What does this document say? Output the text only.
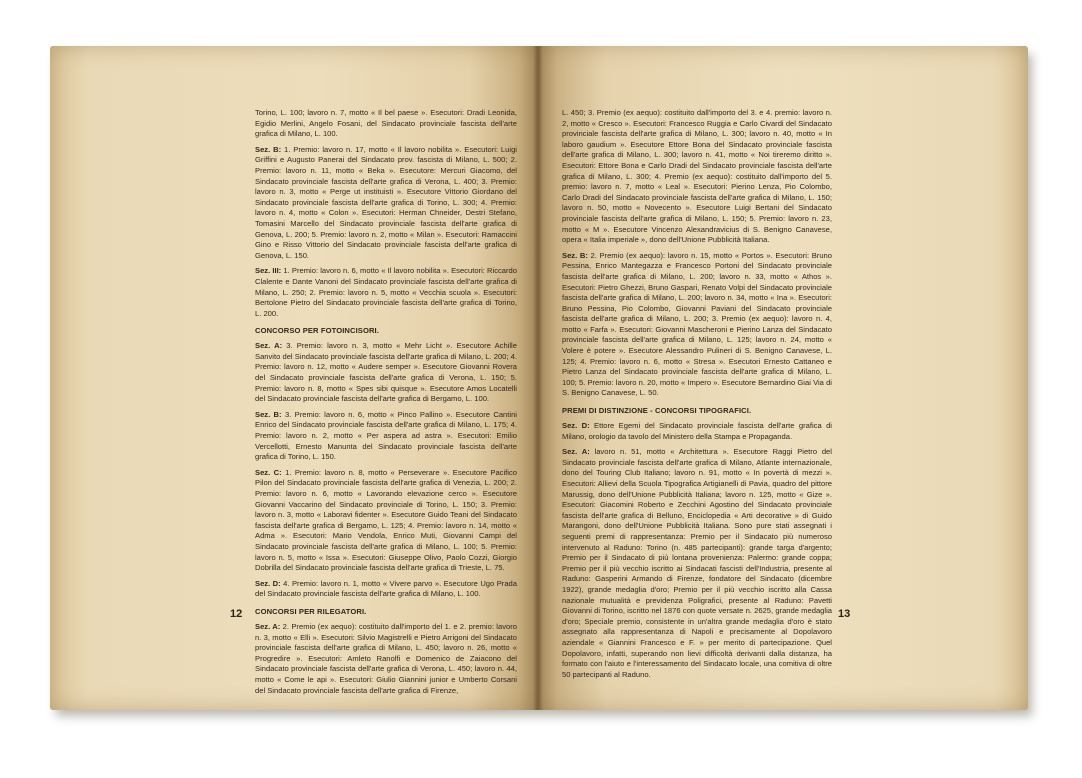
Torino, L. 100; lavoro n. 7, motto « Il bel paese ». Esecutori: Dradi Leonida, Egidio Merlini, Angelo Fosani, del Sindacato provinciale fascista dell'arte grafica di Milano, L. 100.

Sez. B: 1. Premio: lavoro n. 17, motto « Il lavoro nobilita ». Esecutori: Luigi Griffini e Augusto Panerai del Sindacato prov. fascista di Milano, L. 500; 2. Premio: lavoro n. 11, motto « Beka ». Esecutore: Mercuri Giacomo, del Sindacato provinciale fascista dell'arte grafica di Verona, L. 400; 3. Premio: lavoro n. 3, motto « Perge ut instituisti ». Esecutore Vittorio Giordano del Sindacato provinciale fascista dell'arte grafica di Torino, L. 300; 4. Premio: lavoro n. 4, motto « Colon ». Esecutori: Herman Chneider, Destri Stefano, Tomasini Marcello del Sindacato provinciale fascista dell'arte grafica di Genova, L. 200; 5. Premio: lavoro n. 2, motto « Milan ». Esecutori: Ramaccini Gino e Risso Vittorio del Sindacato provinciale fascista dell'arte grafica di Genova, L. 150.

Sez. III: 1. Premio: lavoro n. 6, motto « Il lavoro nobilita ». Esecutori: Riccardo Clalente e Dante Vanoni del Sindacato provinciale fascista dell'arte grafica di Milano, L. 250; 2. Premio: lavoro n. 5, motto « Vecchia scuola ». Esecutori: Bertolone Pietro del Sindacato provinciale fascista dell'arte grafica di Torino, L. 200.

CONCORSO PER FOTOINCISORI.

Sez. A: 3. Premio: lavoro n. 3, motto « Mehr Licht ». Esecutore Achille Sanvito del Sindacato provinciale fascista dell'arte grafica di Milano, L. 200; 4. Premio: lavoro n. 12, motto « Audere semper ». Esecutore Giovanni Rovera del Sindacato provinciale fascista dell'arte grafica di Verona, L. 150; 5. Premio: lavoro n. 8, motto « Spes sibi quisque ». Esecutore Amos Locatelli del Sindacato provinciale fascista dell'arte grafica di Bergamo, L. 100.

Sez. B: 3. Premio: lavoro n. 6, motto « Pinco Pallino ». Esecutore Cantini Enrico del Sindacato provinciale fascista dell'arte grafica di Milano, L. 175; 4. Premio: lavoro n. 2, motto « Per aspera ad astra ». Esecutori: Emilio Vercellotti, Ernesto Manunta del Sindacato provinciale fascista dell'arte grafica di Torino, L. 150.

Sez. C: 1. Premio: lavoro n. 8, motto « Perseverare ». Esecutore Pacifico Pilon del Sindacato provinciale fascista dell'arte grafica di Venezia, L. 200; 2. Premio: lavoro n. 6, motto « Lavorando elevazione cerco ». Esecutore Giovanni Vaccarino del Sindacato provinciale di Torino, L. 150; 3. Premio: lavoro n. 3, motto « Laboravi fidenter ». Esecutore Guido Teani del Sindacato fascista dell'arte grafica di Bergamo, L. 125; 4. Premio: lavoro n. 14, motto « Adma ». Esecutori: Mario Vendola, Enrico Muti, Giovanni Campi del Sindacato provinciale fascista dell'arte grafica di Milano, L. 100; 5. Premio: lavoro n. 5, motto « Issa ». Esecutori: Giuseppe Olivo, Paolo Cozzi, Giorgio Dobrilla del Sindacato provinciale fascista dell'arte grafica di Trieste, L. 75.

Sez. D: 4. Premio: lavoro n. 1, motto « Vivere parvo ». Esecutore Ugo Prada del Sindacato provinciale fascista dell'arte grafica di Milano, L. 100.

CONCORSI PER RILEGATORI.

Sez. A: 2. Premio (ex aequo): costituito dall'importo del 1. e 2. premio: lavoro n. 3, motto « Elli ». Esecutori: Silvio Magistrelli e Pietro Arrigoni del Sindacato provinciale fascista dell'arte grafica di Milano, L. 450; lavoro n. 26, motto « Progredire ». Esecutori: Amleto Ranolfi e Domenico de Zaiacono del Sindacato provinciale fascista dell'arte grafica di Verona, L. 450; lavoro n. 44, motto « Come le api ». Esecutori: Giulio Giannini junior e Umberto Corsani del Sindacato provinciale fascista dell'arte grafica di Firenze,

12

L. 450; 3. Premio (ex aequo): costituito dall'importo del 3. e 4. premio: lavoro n. 2, motto « Cresco ». Esecutori: Francesco Ruggia e Carlo Civardi del Sindacato provinciale fascista dell'arte grafica di Milano, L. 300; lavoro n. 40, motto « In laboro gaudium ». Esecutore Ettore Bona del Sindacato provinciale fascista dell'arte grafica di Milano, L. 300; lavoro n. 41, motto « Noi tireremo diritto ». Esecutori: Ettore Bona e Carlo Dradi del Sindacato provinciale fascista dell'arte grafica di Milano, L. 300; 4. Premio (ex aequo): costituito dall'importo del 5. premio: lavoro n. 7, motto « Leal ». Esecutori: Pierino Lenza, Pio Colombo, Carlo Dradi del Sindacato provinciale fascista dell'arte grafica di Milano, L. 150; lavoro n. 50, motto « Novecento ». Esecutore Luigi Bertani del Sindacato provinciale fascista dell'arte grafica di Milano, L. 150; 5. Premio: lavoro n. 23, motto « M ». Esecutore Vincenzo Alexandravicius di S. Benigno Canavese, opera « Italia imperiale », dono dell'Unione Pubblicità Italiana.

Sez. B: 2. Premio (ex aequo): lavoro n. 15, motto « Portos ». Esecutori: Bruno Pessina, Enrico Mantegazza e Francesco Portoni del Sindacato provinciale fascista dell'arte grafica di Milano, L. 200; lavoro n. 33, motto « Athos ». Esecutori: Pietro Ghezzi, Bruno Gaspari, Renato Volpi del Sindacato provinciale fascista dell'arte grafica di Milano, L. 200; lavoro n. 34, motto « Ina ». Esecutori: Bruno Pessina, Pio Colombo, Giovanni Paviani del Sindacato provinciale fascista dell'arte grafica di Milano, L. 200; 3. Premio (ex aequo): lavoro n. 4, motto « Farfa ». Esecutori: Giovanni Mascheroni e Pierino Lanza del Sindacato provinciale fascista dell'arte grafica di Milano, L. 125; lavoro n. 24, motto « Volere è potere ». Esecutore Alessandro Pulineri di S. Benigno Canavese, L. 125; 4. Premio: lavoro n. 6, motto « Stresa ». Esecutori Ernesto Cattaneo e Pietro Lanza del Sindacato provinciale fascista dell'arte grafica di Milano, L. 100; 5. Premio: lavoro n. 20, motto « Impero ». Esecutore Bernardino Giai Via di S. Benigno Canavese, L. 50.

PREMI DI DISTINZIONE - CONCORSI TIPOGRAFICI.

Sez. D: Ettore Egemi del Sindacato provinciale fascista dell'arte grafica di Milano, orologio da tavolo del Ministero della Stampa e Propaganda.

Sez. A: lavoro n. 51, motto « Architettura ». Esecutore Raggi Pietro del Sindacato provinciale fascista dell'arte grafica di Milano, Atlante internazionale, dono del Touring Club Italiano; lavoro n. 91, motto « In povertà di mezzi ». Esecutori: Allievi della Scuola Tipografica Artigianelli di Pavia, quadro del pittore Marussig, dono dell'Unione Pubblicità Italiana; lavoro n. 125, motto « Gize ». Esecutori: Giacomini Roberto e Zecchini Agostino del Sindacato provinciale fascista dell'arte grafica di Belluno, Enciclopedia « Arti decorative » di Guido Marangoni, dono dell'Unione Pubblicità Italiana. Sono pure stati assegnati i seguenti premi di rappresentanza: Premio per il Sindacato più numeroso intervenuto al Raduno: Torino (n. 485 partecipanti): grande targa d'argento; Premio per il Sindacato di più lontana provenienza: Palermo: grande coppa; Premio per il più vecchio iscritto ai Sindacati fascisti dell'Industria, presente al Raduno: Gasperini Armando di Firenze, fondatore del Sindacato (dicembre 1922), grande medaglia d'oro; Premio per il più vecchio iscritto alla Cassa nazionale mutualità e previdenza Poligrafici, presente al Raduno: Pavetti Giovanni di Torino, iscritto nel 1876 con quote versate n. 2625, grande medaglia d'oro; Speciale premio, consistente in un'altra grande medaglia d'oro è stato assegnato alla rappresentanza di Napoli e precisamente al Dopolavoro aziendale « Giannini Francesco e F. » per merito di partecipazione. Quel Dopolavoro, infatti, superando non lievi difficoltà derivanti dalla distanza, ha formato con l'aiuto e l'interessamento del Sindacato locale, una comitiva di oltre 50 partecipanti al Raduno.

13
